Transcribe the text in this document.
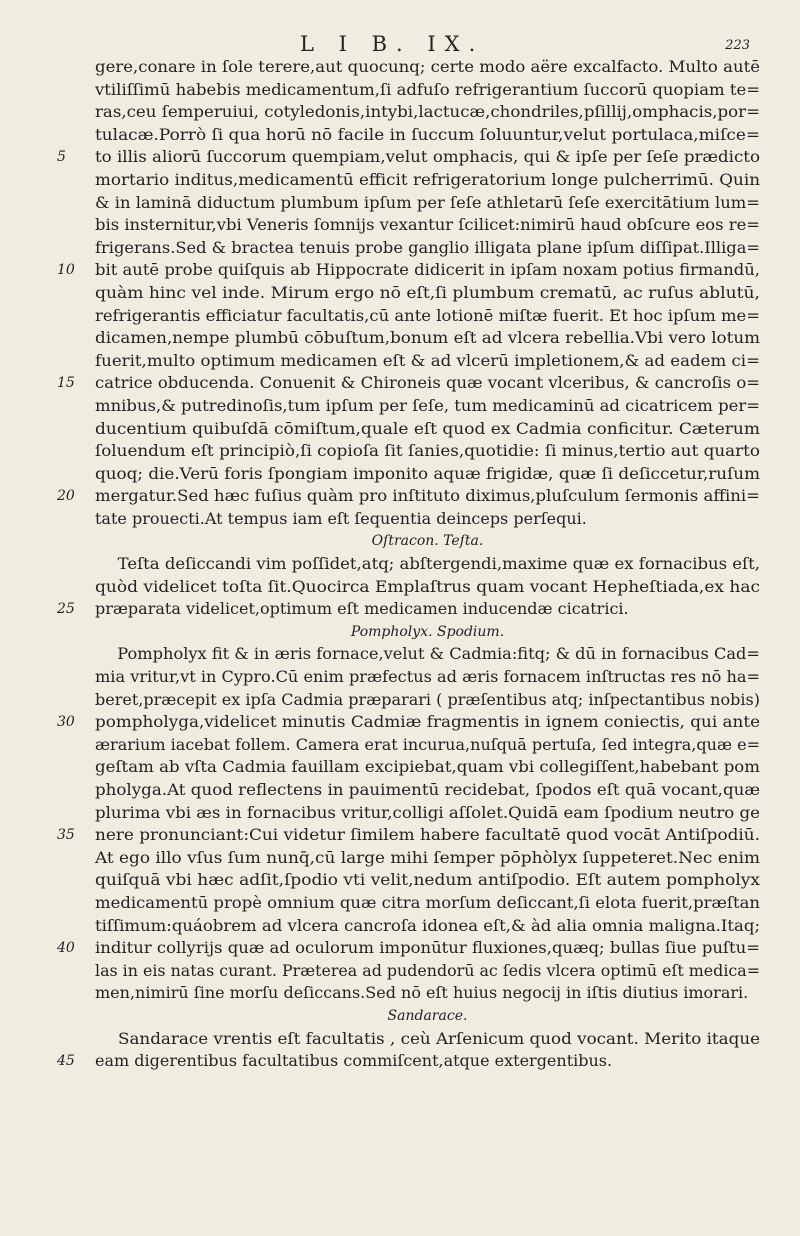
L I B. IX.	223
gere,conare in ſole terere,aut quocunq; certe modo aëre excalfacto. Multo autē
vtiliſſimū habebis medicamentum,ſi adfuſo refrigerantium ſuccorū quopiam te=
ras,ceu ſemperuiui, cotyledonis,intybi,lactucæ,chondriles,pſillij,omphacis,por=
tulacæ.Porrò ſi qua horū nō facile in ſuccum ſoluuntur,velut portulaca,miſce=
5	to illis aliorū ſuccorum quempiam,velut omphacis, qui & ipſe per ſeſe prædicto
mortario inditus,medicamentū efficit refrigeratorium longe pulcherrimū. Quin
& in laminā diductum plumbum ipſum per ſeſe athletarū ſeſe exercitātium lum=
bis insternitur,vbi Veneris ſomnijs vexantur ſcilicet:nimirū haud obſcure eos re=
frigerans.Sed & bractea tenuis probe ganglio illigata plane ipſum diſſipat.Illiga=
10	bit autē probe quiſquis ab Hippocrate didicerit in ipſam noxam potius firmandū,
quàm hinc vel inde. Mirum ergo nō eſt,ſi plumbum crematū, ac ruſus ablutū,
refrigerantis efficiatur facultatis,cū ante lotionē miſtæ fuerit. Et hoc ipſum me=
dicamen,nempe plumbū cōbuſtum,bonum eſt ad vlcera rebellia.Vbi vero lotum
fuerit,multo optimum medicamen eſt & ad vlcerū impletionem,& ad eadem ci=
15	catrice obducenda. Conuenit & Chironeis quæ vocant vlceribus, & cancroſis o=
mnibus,& putredinoſis,tum ipſum per ſeſe, tum medicaminū ad cicatricem per=
ducentium quibuſdā cōmiſtum,quale eſt quod ex Cadmia conficitur. Cæterum
ſoluendum eſt principiò,ſi copioſa ſit ſanies,quotidie: ſi minus,tertio aut quarto
quoq; die.Verū foris ſpongiam imponito aquæ frigidæ, quæ ſi deſiccetur,ruſum
20	mergatur.Sed hæc fuſius quàm pro inſtituto diximus,pluſculum ſermonis affini=
tate prouecti.At tempus iam eſt ſequentia deinceps perſequi.
Oſtracon. Teſta.
Teſta deſiccandi vim poſſidet,atq; abſtergendi,maxime quæ ex fornacibus eſt,
quòd videlicet toſta ſit.Quocirca Emplaſtrus quam vocant Hepheſtiada,ex hac
25	præparata videlicet,optimum eſt medicamen inducendæ cicatrici.
Pompholyx. Spodium.
Pompholyx fit & in æris fornace,velut & Cadmia:fitq; & dū in fornacibus Cad=
mia vritur,vt in Cypro.Cū enim præfectus ad æris fornacem inſtructas res nō ha=
beret,præcepit ex ipſa Cadmia præparari ( præſentibus atq; inſpectantibus nobis)
30	pompholyga,videlicet minutis Cadmiæ fragmentis in ignem coniectis, qui ante
ærarium iacebat follem. Camera erat incurua,nuſquā pertuſa, ſed integra,quæ e=
geſtam ab vſta Cadmia fauillam excipiebat,quam vbi collegiſſent,habebant pom
pholyga.At quod reflectens in pauimentū recidebat, ſpodos eſt quā vocant,quæ
plurima vbi æs in fornacibus vritur,colligi aſſolet.Quidā eam ſpodium neutro ge
35	nere pronunciant:Cui videtur ſimilem habere facultatē quod vocāt Antiſpodiū.
At ego illo vſus ſum nunq̄,cū large mihi ſemper pōphòlyx ſuppeteret.Nec enim
quiſquā vbi hæc adſit,ſpodio vti velit,nedum antiſpodio. Eſt autem pompholyx
medicamentū propè omnium quæ citra morſum deſiccant,ſi elota fuerit,præſtan
tiſſimum:quáobrem ad vlcera cancroſa idonea eſt,& àd alia omnia maligna.Itaq;
40	inditur collyrijs quæ ad oculorum imponūtur fluxiones,quæq; bullas ſiue puſtu=
las in eis natas curant. Præterea ad pudendorū ac ſedis vlcera optimū eſt medica=
men,nimirū ſine morſu deſiccans.Sed nō eſt huius negocij in iſtis diutius imorari.
Sandarace.
Sandarace vrentis eſt facultatis , ceù Arſenicum quod vocant. Merito itaque
45	eam digerentibus facultatibus commiſcent,atque extergentibus.
